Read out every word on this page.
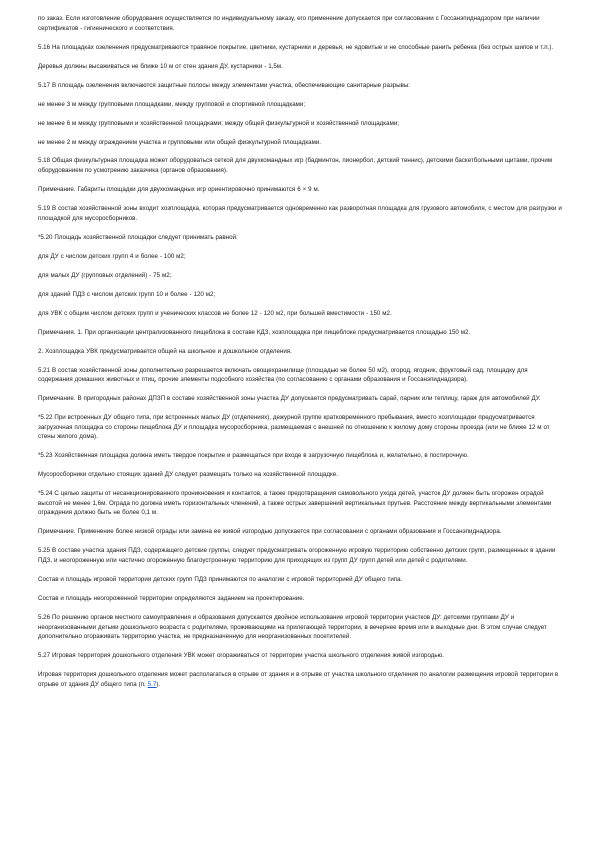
по заказ. Если изготовление оборудования осуществляется по индивидуальному заказу, его применение допускается при согласовании с Госсанэпиднадзором при наличии сертификатов - гигиенического и соответствия.

5.16 На площадках озеленения предусматриваются травяное покрытие, цветники, кустарники и деревья, не ядовитые и не способные ранить ребенка (без острых шипов и т.п.).

Деревья должны высаживаться не ближе 10 м от стен здания ДУ, кустарники - 1,5м.

5.17 В площадь озеленения включаются защитные полосы между элементами участка, обеспечивающие санитарные разрывы:

не менее 3 м между групповыми площадками, между групповой и спортивной площадками;

не менее 6 м между групповыми и хозяйственной площадками; между общей физкультурной и хозяйственной площадками;

не менее 2 м между ограждением участка и групповыми или общей физкультурной площадками.

5.18 Общая физкультурная площадка может оборудоваться сеткой для двухкомандных игр (бадминтон, пионербол, детский теннис), детскими баскетбольными щитами, прочим оборудованием по усмотрению заказчика (органов образования).

Примечание. Габариты площадки для двухкомандных игр ориентировочно принимаются 6 × 9 м.

5.19 В состав хозяйственной зоны входит хозплощадка, которая предусматривается одновременно как разворотная площадка для грузового автомобиля, с местом для разгрузки и площадкой для мусоросборников.

*5.20 Площадь хозяйственной площадки следует принимать равной:

для ДУ с числом детских групп 4 и более - 100 м2;

для малых ДУ (групповых отделений) - 75 м2;

для зданий ПДЗ с числом детских групп 10 и более - 120 м2;

для УВК с общим числом детских групп и ученических классов не более 12 - 120 м2, при большей вместимости - 150 м2.

Примечания. 1. При организации централизованного пищеблока в составе КДЗ, хозплощадка при пищеблоке предусматривается площадью 150 м2.

2. Хозплощадка УВК предусматривается общей на школьное и дошкольное отделения.

5.21 В состав хозяйственной зоны дополнительно разрешается включать овощехранилище (площадью не более 50 м2), огород, ягодник, фруктовый сад, площадку для содержания домашних животных и птиц, прочие элементы подсобного хозяйства (по согласованию с органами образования и Госсанэпиднадзора).

Примечание. В пригородных районах ДПЗП в составе хозяйственной зоны участка ДУ допускается предусматривать сарай, парник или теплицу, гараж для автомобилей ДУ.

*5.22 При встроенных ДУ общего типа, при встроенных малых ДУ (отделениях), дежурной группе кратковременного пребывания, вместо хозплощадки предусматривается загрузочная площадка со стороны пищеблока ДУ и площадка мусоросборника, размещаемая с внешней по отношению к жилому дому стороны проезда (или не ближе 12 м от стены жилого дома).

*5.23 Хозяйственная площадка должна иметь твердое покрытие и размещаться при входе в загрузочную пищеблока и, желательно, в постирочную.

Мусоросборники отдельно стоящих зданий ДУ следует размещать только на хозяйственной площадке.

*5.24 С целью защиты от несанкционированного проникновения и контактов, а также предотвращения самовольного ухода детей, участок ДУ должен быть огорожен оградой высотой не менее 1,6м. Ограда по должна иметь горизонтальных членений, а также острых завершений вертикальных прутьев. Расстояние между вертикальными элементами ограждения должно быть не более 0,1 м.

Примечание. Применение более низкой ограды или замена ее живой изгородью допускается при согласовании с органами образования и Госсанэпиднадзора.

5.25 В составе участка здания ПДЗ, содержащего детские группы, следует предусматривать огороженную игровую территорию собственно детских групп, размещенных в здании ПДЗ, и неогороженную или частично огороженную благоустроенную территорию для приходящих из групп ДУ групп детей или детей с родителями.

Состав и площадь игровой территории детских групп ПДЗ принимаются по аналогии с игровой территорией ДУ общего типа.

Состав и площадь неогороженной территории определяются заданием на проектирование.

5.26 По решению органов местного самоуправления и образования допускается двойное использование игровой территории участков ДУ: детскими группами ДУ и неорганизованными детьми дошкольного возраста с родителями, проживающими на прилегающей территории, в вечернее время или в выходные дни. В этом случае следует дополнительно огораживать территорию участка, не предназначенную для неорганизованных посетителей.

5.27 Игровая территория дошкольного отделения УВК может огораживаться от территории участка школьного отделения живой изгородью.

Игровая территория дошкольного отделения может располагаться в отрыве от здания и в отрыве от участка школьного отделения по аналогии размещения игровой территории в отрыве от здания ДУ общего типа (п. 5.7).
